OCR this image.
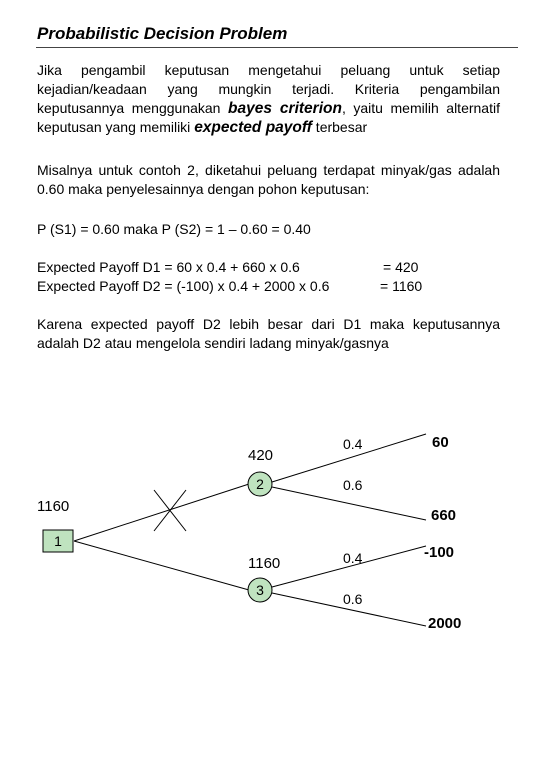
Probabilistic Decision Problem

Jika pengambil keputusan mengetahui peluang untuk setiap kejadian/keadaan yang mungkin terjadi. Kriteria pengambilan keputusannya menggunakan bayes criterion, yaitu memilih alternatif keputusan yang memiliki expected payoff terbesar

Misalnya untuk contoh 2, diketahui peluang terdapat minyak/gas adalah 0.60 maka penyelesainnya dengan pohon keputusan:

P (S1) = 0.60 maka P (S2) = 1 – 0.60 = 0.40

Expected Payoff D1 = 60 x 0.4 + 660 x 0.6	= 420

Expected Payoff D2 = (-100) x 0.4 + 2000 x 0.6	= 1160

Karena expected payoff D2 lebih besar dari D1 maka keputusannya adalah D2 atau mengelola sendiri ladang minyak/gasnya

1
1160
2
420
3
1160
0.4
0.6
0.4
0.6
60
660
-100
2000
